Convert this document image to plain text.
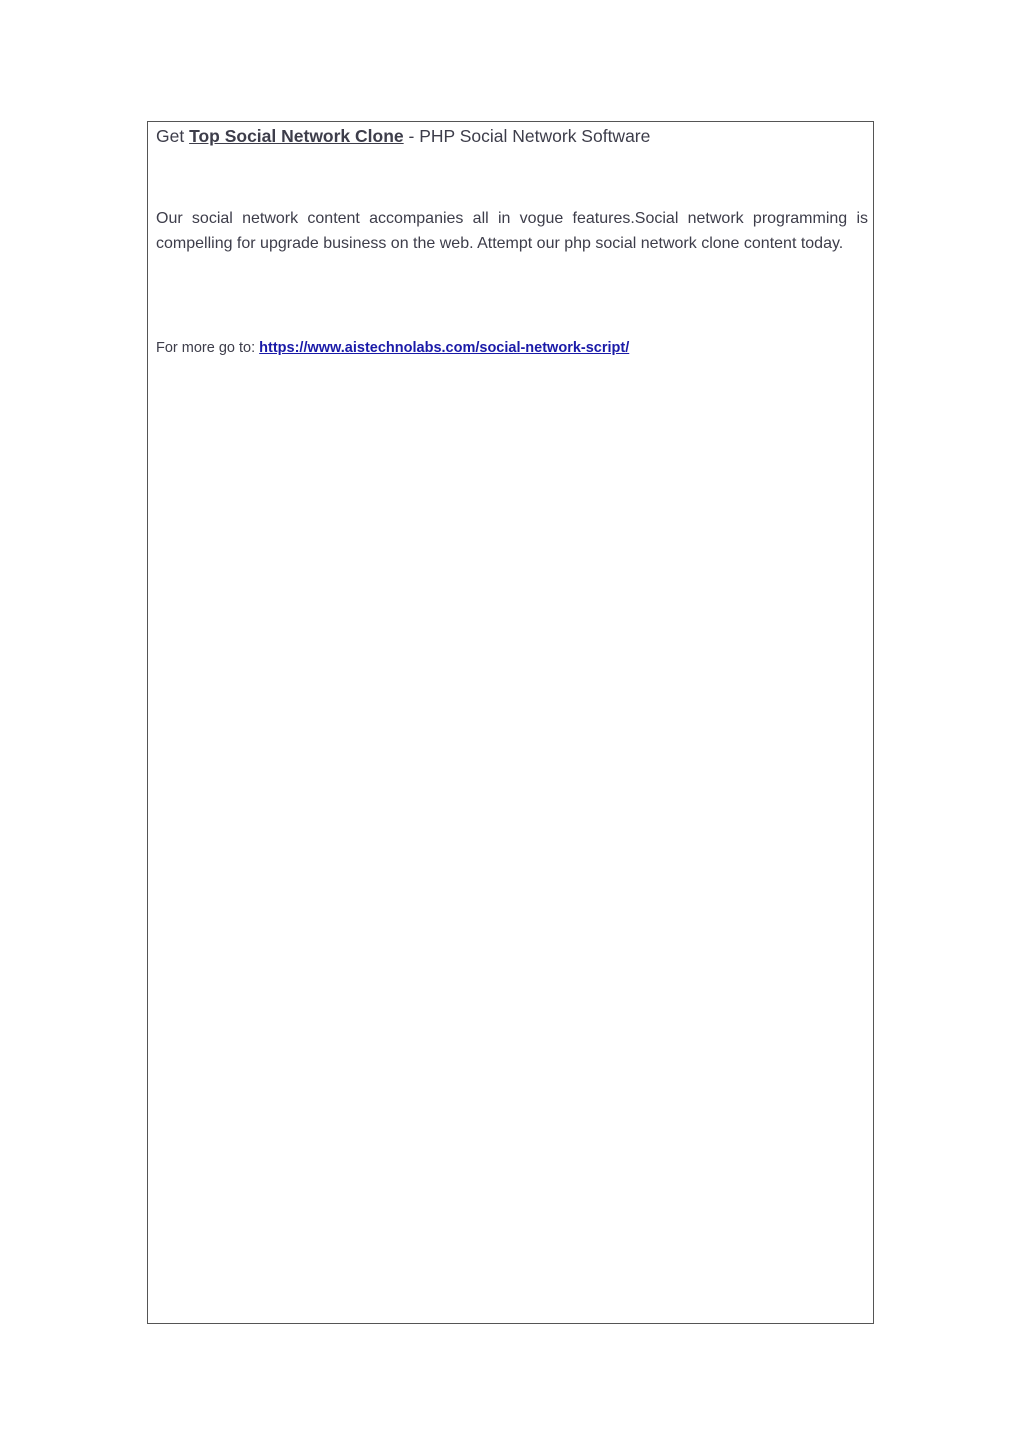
Get Top Social Network Clone - PHP Social Network Software

Our social network content accompanies all in vogue features.Social network programming is compelling for upgrade business on the web. Attempt our php social network clone content today.

For more go to: https://www.aistechnolabs.com/social-network-script/
